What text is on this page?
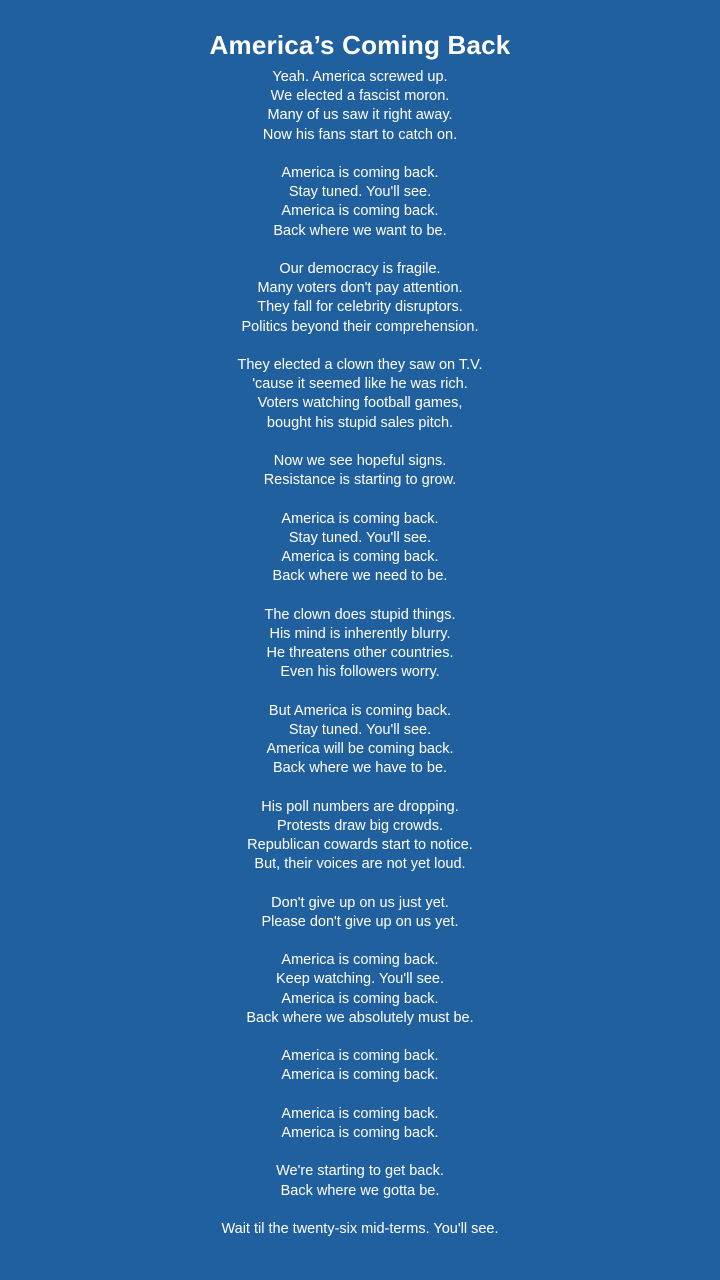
America’s Coming Back
Yeah. America screwed up.
We elected a fascist moron.
Many of us saw it right away.
Now his fans start to catch on.
America is coming back.
Stay tuned. You'll see.
America is coming back.
Back where we want to be.
Our democracy is fragile.
Many voters don't pay attention.
They fall for celebrity disruptors.
Politics beyond their comprehension.
They elected a clown they saw on T.V.
'cause it seemed like he was rich.
Voters watching football games,
bought his stupid sales pitch.
Now we see hopeful signs.
Resistance is starting to grow.
America is coming back.
Stay tuned. You'll see.
America is coming back.
Back where we need to be.
The clown does stupid things.
His mind is inherently blurry.
He threatens other countries.
Even his followers worry.
But America is coming back.
Stay tuned. You'll see.
America will be coming back.
Back where we have to be.
His poll numbers are dropping.
Protests draw big crowds.
Republican cowards start to notice.
But, their voices are not yet loud.
Don't give up on us just yet.
Please don't give up on us yet.
America is coming back.
Keep watching. You'll see.
America is coming back.
Back where we absolutely must be.
America is coming back.
America is coming back.
America is coming back.
America is coming back.
We're starting to get back.
Back where we gotta be.
Wait til the twenty-six mid-terms. You'll see.
